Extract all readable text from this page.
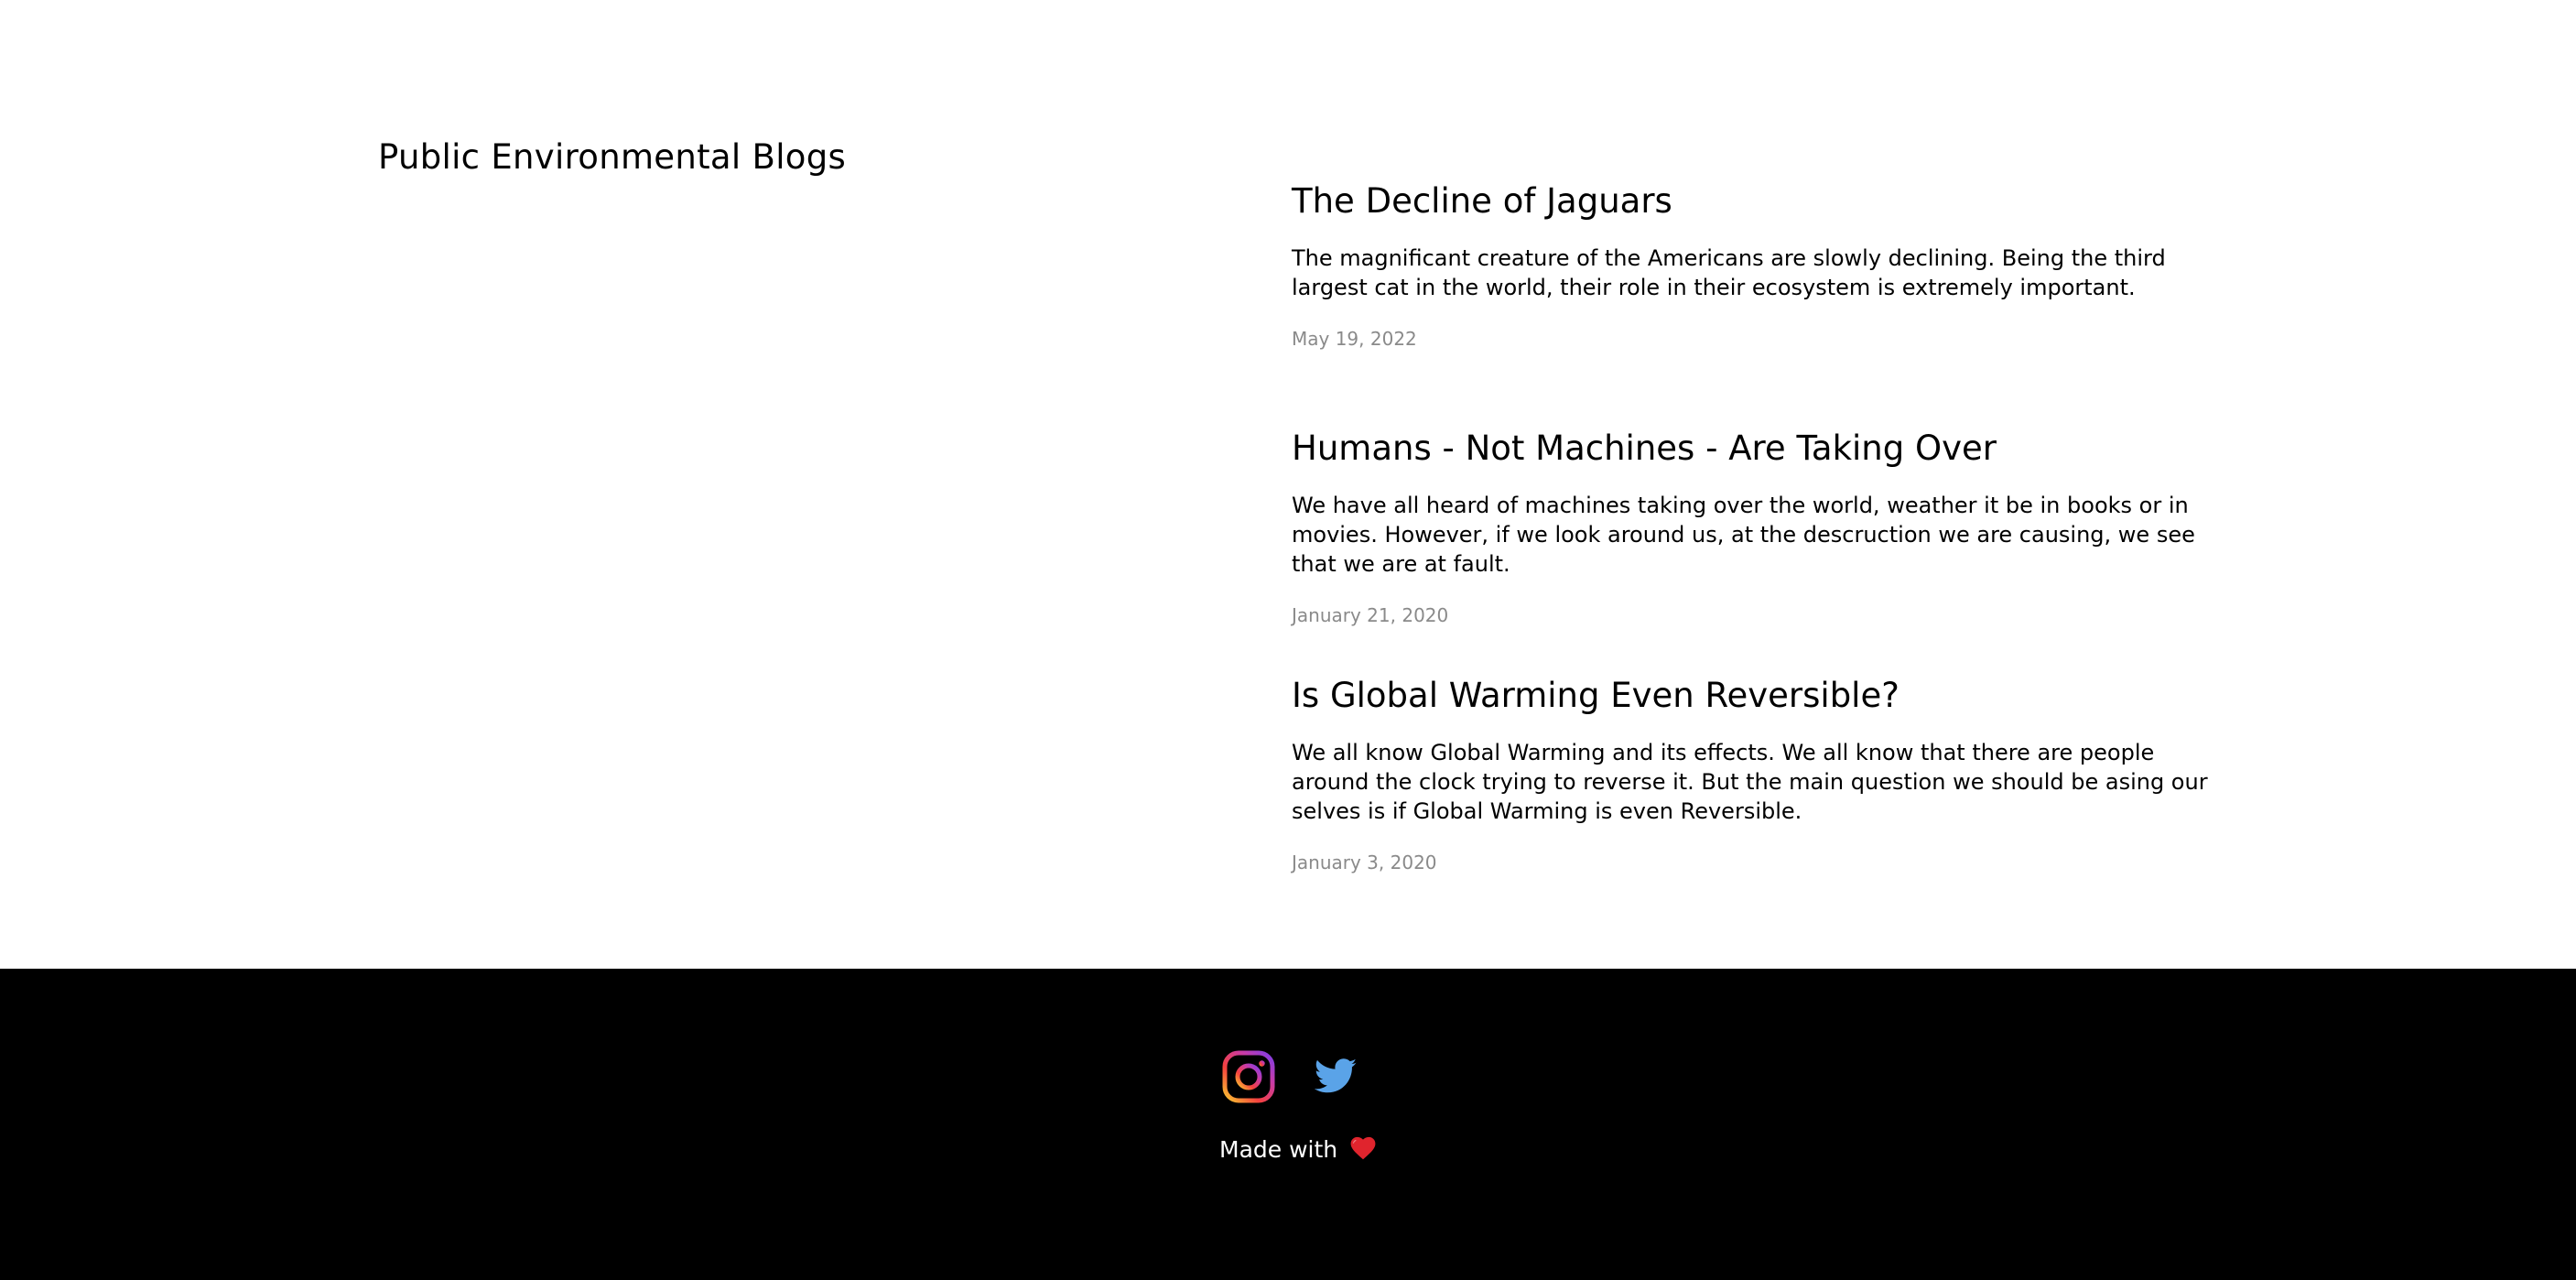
Public Environmental Blogs
The Decline of Jaguars

The magnificant creature of the Americans are slowly declining. Being the third largest cat in the world, their role in their ecosystem is extremely important.

May 19, 2022
Humans - Not Machines - Are Taking Over

We have all heard of machines taking over the world, weather it be in books or in movies. However, if we look around us, at the descruction we are causing, we see that we are at fault.

January 21, 2020
Is Global Warming Even Reversible?

We all know Global Warming and its effects. We all know that there are people around the clock trying to reverse it. But the main question we should be asing our selves is if Global Warming is even Reversible.

January 3, 2020
Made with
